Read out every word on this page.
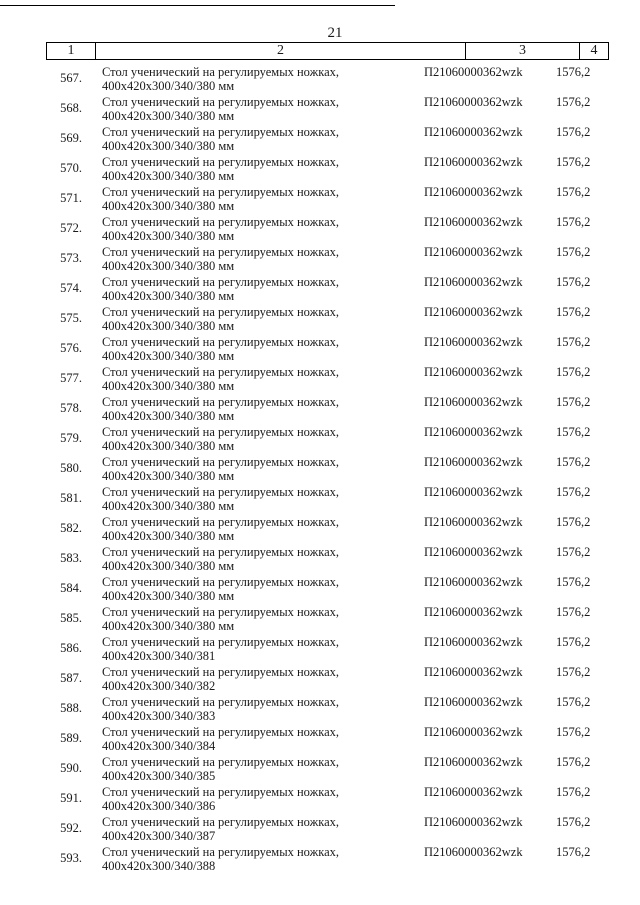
21
1	2	3	4
567. Стол ученический на регулируемых ножках,
400x420x300/340/380 мм
П21060000362wzk	1576,2
568. Стол ученический на регулируемых ножках,
400x420x300/340/380 мм
П21060000362wzk	1576,2
569. Стол ученический на регулируемых ножках,
400x420x300/340/380 мм
П21060000362wzk	1576,2
570. Стол ученический на регулируемых ножках,
400x420x300/340/380 мм
П21060000362wzk	1576,2
571. Стол ученический на регулируемых ножках,
400x420x300/340/380 мм
П21060000362wzk	1576,2
572. Стол ученический на регулируемых ножках,
400x420x300/340/380 мм
П21060000362wzk	1576,2
573. Стол ученический на регулируемых ножках,
400x420x300/340/380 мм
П21060000362wzk	1576,2
574. Стол ученический на регулируемых ножках,
400x420x300/340/380 мм
П21060000362wzk	1576,2
575. Стол ученический на регулируемых ножках,
400x420x300/340/380 мм
П21060000362wzk	1576,2
576. Стол ученический на регулируемых ножках,
400x420x300/340/380 мм
П21060000362wzk	1576,2
577. Стол ученический на регулируемых ножках,
400x420x300/340/380 мм
П21060000362wzk	1576,2
578. Стол ученический на регулируемых ножках,
400x420x300/340/380 мм
П21060000362wzk	1576,2
579. Стол ученический на регулируемых ножках,
400x420x300/340/380 мм
П21060000362wzk	1576,2
580. Стол ученический на регулируемых ножках,
400x420x300/340/380 мм
П21060000362wzk	1576,2
581. Стол ученический на регулируемых ножках,
400x420x300/340/380 мм
П21060000362wzk	1576,2
582. Стол ученический на регулируемых ножках,
400x420x300/340/380 мм
П21060000362wzk	1576,2
583. Стол ученический на регулируемых ножках,
400x420x300/340/380 мм
П21060000362wzk	1576,2
584. Стол ученический на регулируемых ножках,
400x420x300/340/380 мм
П21060000362wzk	1576,2
585. Стол ученический на регулируемых ножках,
400x420x300/340/380 мм
П21060000362wzk	1576,2
586. Стол ученический на регулируемых ножках,
400x420x300/340/381
П21060000362wzk	1576,2
587. Стол ученический на регулируемых ножках,
400x420x300/340/382
П21060000362wzk	1576,2
588. Стол ученический на регулируемых ножках,
400x420x300/340/383
П21060000362wzk	1576,2
589. Стол ученический на регулируемых ножках,
400x420x300/340/384
П21060000362wzk	1576,2
590. Стол ученический на регулируемых ножках,
400x420x300/340/385
П21060000362wzk	1576,2
591. Стол ученический на регулируемых ножках,
400x420x300/340/386
П21060000362wzk	1576,2
592. Стол ученический на регулируемых ножках,
400x420x300/340/387
П21060000362wzk	1576,2
593. Стол ученический на регулируемых ножках,
400x420x300/340/388
П21060000362wzk	1576,2
